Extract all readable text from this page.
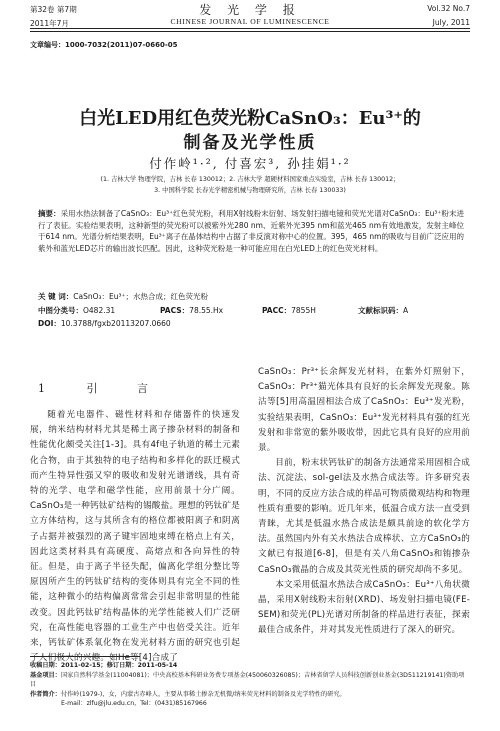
第32卷 第7期	发 光 学 报	Vol.32 No.7
2011年7月	CHINESE JOURNAL OF LUMINESCENCE	July, 2011
文章编号：1000-7032(2011)07-0660-05
白光LED用红色荧光粉CaSnO₃：Eu³⁺的
制备及光学性质
付作岭¹·², 付喜宏³, 孙挂娟¹·²
(1. 吉林大学 物理学院，吉林 长春 130012；2. 吉林大学 超硬材料国家重点实验室，吉林 长春 130012；
3. 中国科学院 长春光学精密机械与物理研究所，吉林 长春 130033)
摘要：采用水热法制备了CaSnO₃：Eu³⁺红色荧光粉，利用X射线粉末衍射、场发射扫描电镜和荧光光谱对CaSnO₃：Eu³⁺粉末进行了表征。实验结果表明，这种新型的荧光粉可以被紫外光280 nm、近紫外光395 nm和蓝光465 nm有效地激发，发射主峰位于614 nm。光谱分析结果表明，Eu³⁺离子在晶体结构中占据了非反演对称中心的位置。395，465 nm的吸收与目前广泛应用的紫外和蓝光LED芯片的输出波长匹配。因此，这种荧光粉是一种可能应用在白光LED上的红色荧光材料。
关 键 词：CaSnO₃：Eu³⁺；水热合成；红色荧光粉
中图分类号：O482.31	PACS：78.55.Hx	PACC：7855H	文献标识码：A
DOI：10.3788/fgxb20113207.0660
1  引 言

随着光电器件、磁性材料和存储器件的快速发展，纳米结构材料尤其是稀土离子掺杂材料的制备和性能优化颇受关注[1-3]。具有4f电子轨道的稀土元素化合物，由于其独特的电子结构和多样化的跃迁模式而产生特异性强又窄的吸收和发射光谱谱线，具有奇特的光学、电学和磁学性能，应用前景十分广阔。CaSnO₃是一种钙钛矿结构的锡酸盐。理想的钙钛矿是立方体结构，这与其所含有的格位都被阳离子和阴离子占据并被强烈的离子键牢固地束缚在格点上有关，因此这类材料具有高硬度、高熔点和各向异性的特征。但是，由于离子半径失配，偏离化学组分整比等原因所产生的钙钛矿结构的变体则具有完全不同的性能，这种微小的结构偏离常常会引起非常明显的性能改变。因此钙钛矿结构晶体的光学性能被人们广泛研究，在高性能电容器的工业生产中也倍受关注。近年来，钙钛矿体系氧化物在发光材料方面的研究也引起了人们极大的兴趣。如He等[4]合成了

CaSnO₃：Pr³⁺长余辉发光材料，在紫外灯照射下，CaSnO₃：Pr³⁺猫光体具有良好的长余辉发光现象。陈沽等[5]用高温固相法合成了CaSnO₃：Eu³⁺发光粉，实验结果表明，CaSnO₃：Eu³⁺发光材料具有强的红光发射和非常宽的紫外吸收带，因此它具有良好的应用前景。

目前，粉末状钙钛矿的制备方法通常采用固相合成法、沉淀法、sol-gel法及水热合成法等。许多研究表明，不同的反应方法合成的样品可物质微观结构和物理性质有重要的影响。近几年来，低温合成方法一直受到青睐，尤其是低温水热合成法是颇具前途的软化学方法。虽然国内外有关水热法合成棒状、立方CaSnO₃的文献已有报道[6-8]，但是有关八角CaSnO₃和铕掺杂CaSnO₃微晶的合成及其荧光性质的研究却尚不多见。

本文采用低温水热法合成CaSnO₃：Eu³⁺八角状微晶，采用X射线粉末衍射(XRD)、场发射扫描电镜(FE-SEM)和荧光(PL)光谱对所制备的样品进行表征，探索最佳合成条件，并对其发光性质进行了深入的研究。

收稿日期：2011-02-15；修订日期：2011-05-14
基金项目：国家自然科学基金(11004081)；中央高校基本科研业务费专项基金(450060326085)；吉林省留学人员科技创新创业基金(3D511219141)资助项目
作者简介：付作岭(1979-)，女，内蒙古赤峰人，主要从事稀土掺杂无机微/纳米荧光材料的制备及光学特性的研究。
E-mail：zlfu@jlu.edu.cn，Tel：(0431)85167966
